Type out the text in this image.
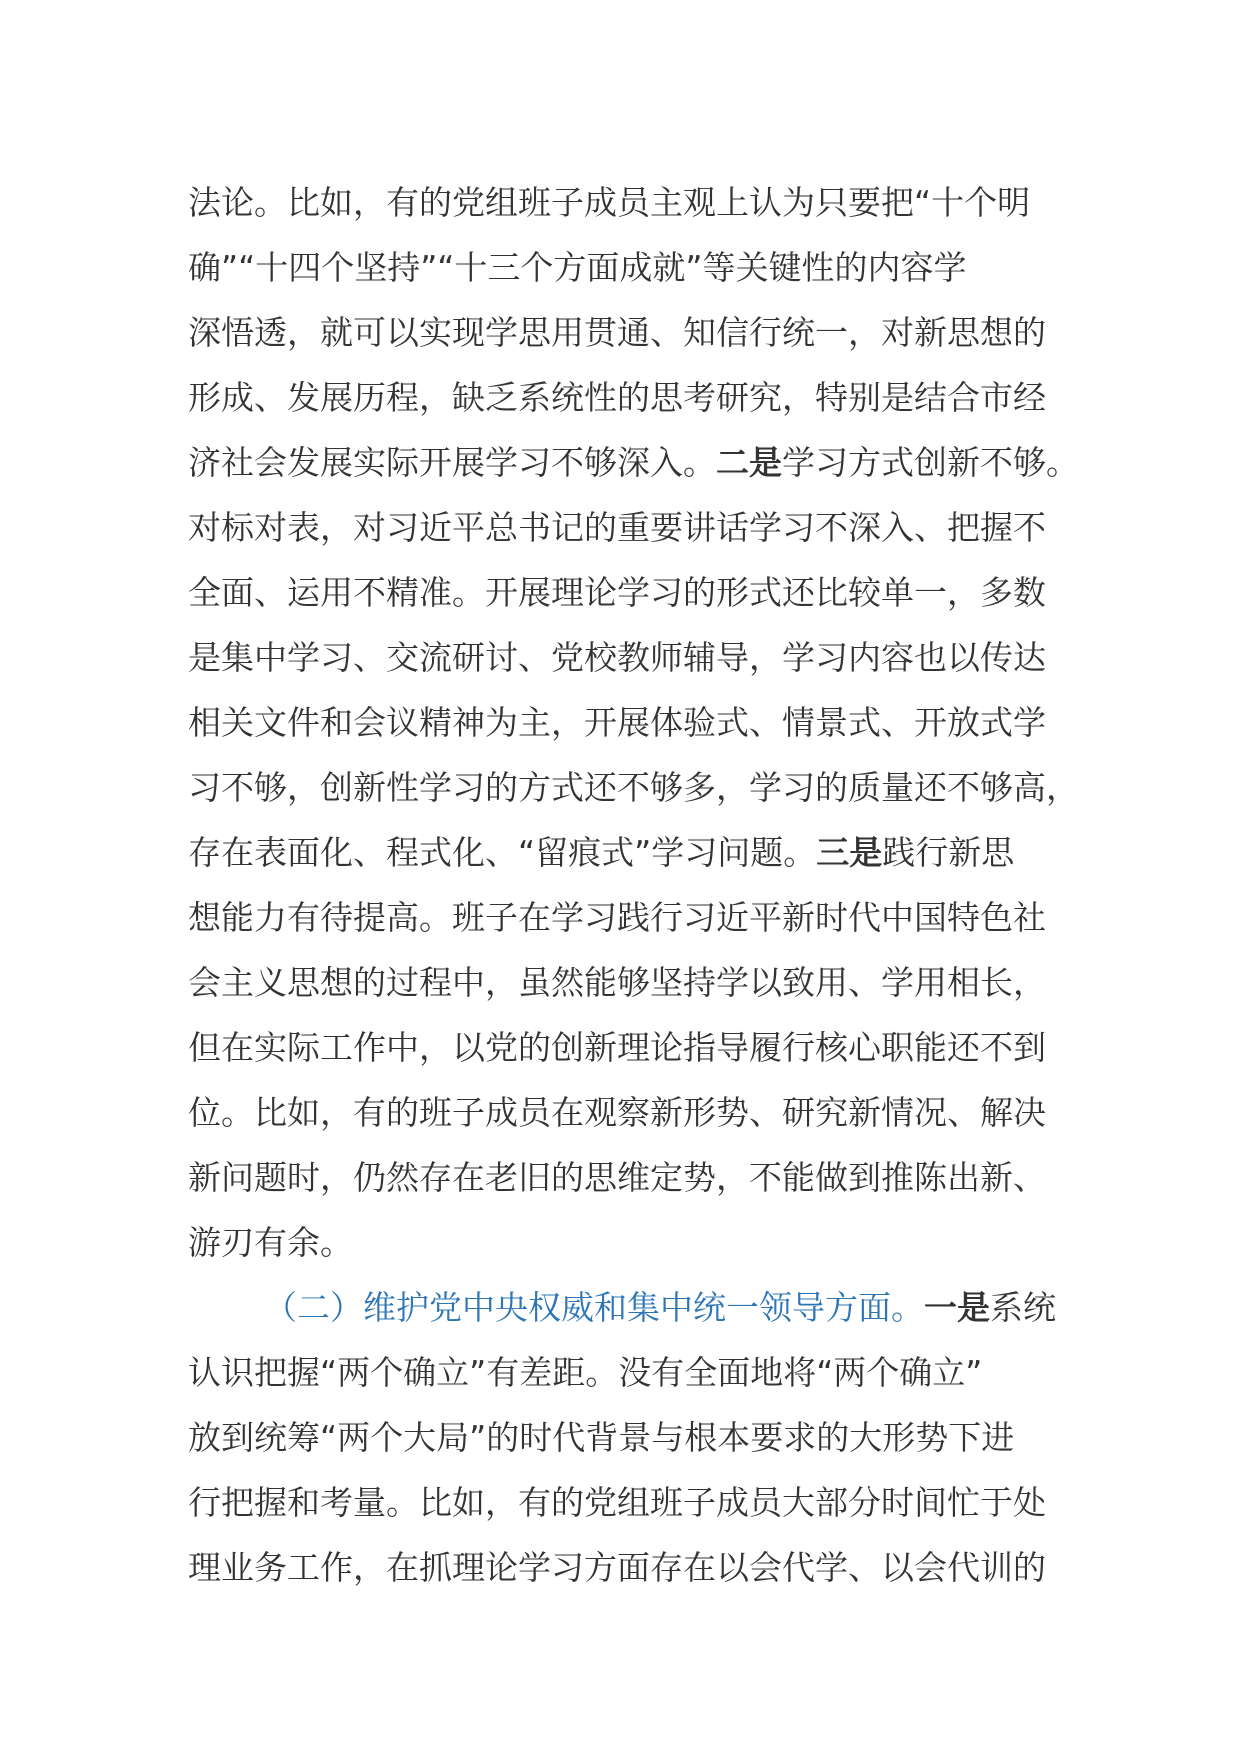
法论。比如，有的党组班子成员主观上认为只要把“十个明
确”“十四个坚持”“十三个方面成就”等关键性的内容学
深悟透，就可以实现学思用贯通、知信行统一，对新思想的
形成、发展历程，缺乏系统性的思考研究，特别是结合市经
济社会发展实际开展学习不够深入。二是学习方式创新不够。
对标对表，对习近平总书记的重要讲话学习不深入、把握不
全面、运用不精准。开展理论学习的形式还比较单一，多数
是集中学习、交流研讨、党校教师辅导，学习内容也以传达
相关文件和会议精神为主，开展体验式、情景式、开放式学
习不够，创新性学习的方式还不够多，学习的质量还不够高，
存在表面化、程式化、“留痕式”学习问题。三是践行新思
想能力有待提高。班子在学习践行习近平新时代中国特色社
会主义思想的过程中，虽然能够坚持学以致用、学用相长，
但在实际工作中，以党的创新理论指导履行核心职能还不到
位。比如，有的班子成员在观察新形势、研究新情况、解决
新问题时，仍然存在老旧的思维定势，不能做到推陈出新、
游刃有余。
（二）维护党中央权威和集中统一领导方面。一是系统
认识把握“两个确立”有差距。没有全面地将“两个确立”
放到统筹“两个大局”的时代背景与根本要求的大形势下进
行把握和考量。比如，有的党组班子成员大部分时间忙于处
理业务工作，在抓理论学习方面存在以会代学、以会代训的
